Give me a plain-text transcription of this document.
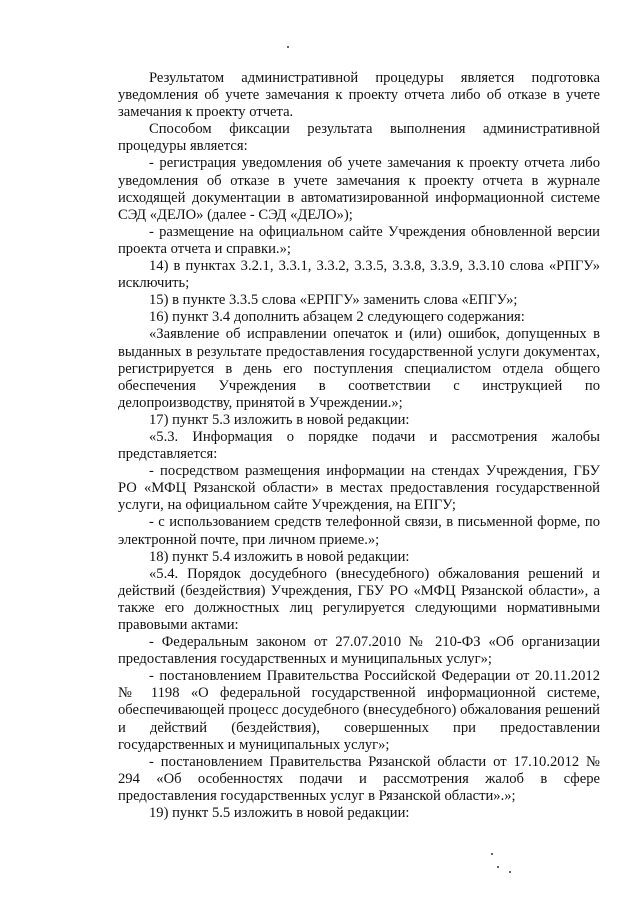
Результатом административной процедуры является подготовка уведомления об учете замечания к проекту отчета либо об отказе в учете замечания к проекту отчета.

Способом фиксации результата выполнения административной процедуры является:

- регистрация уведомления об учете замечания к проекту отчета либо уведомления об отказе в учете замечания к проекту отчета в журнале исходящей документации в автоматизированной информационной системе СЭД «ДЕЛО» (далее - СЭД «ДЕЛО»);

- размещение на официальном сайте Учреждения обновленной версии проекта отчета и справки.»;

14) в пунктах 3.2.1, 3.3.1, 3.3.2, 3.3.5, 3.3.8, 3.3.9, 3.3.10 слова «РПГУ» исключить;

15) в пункте 3.3.5 слова «ЕРПГУ» заменить слова «ЕПГУ»;

16) пункт 3.4 дополнить абзацем 2 следующего содержания:

«Заявление об исправлении опечаток и (или) ошибок, допущенных в выданных в результате предоставления государственной услуги документах, регистрируется в день его поступления специалистом отдела общего обеспечения Учреждения в соответствии с инструкцией по делопроизводству, принятой в Учреждении.»;

17) пункт 5.3 изложить в новой редакции:

«5.3. Информация о порядке подачи и рассмотрения жалобы представляется:

- посредством размещения информации на стендах Учреждения, ГБУ РО «МФЦ Рязанской области» в местах предоставления государственной услуги, на официальном сайте Учреждения, на ЕПГУ;

- с использованием средств телефонной связи, в письменной форме, по электронной почте, при личном приеме.»;

18) пункт 5.4 изложить в новой редакции:

«5.4. Порядок досудебного (внесудебного) обжалования решений и действий (бездействия) Учреждения, ГБУ РО «МФЦ Рязанской области», а также его должностных лиц регулируется следующими нормативными правовыми актами:

- Федеральным законом от 27.07.2010 № 210-ФЗ «Об организации предоставления государственных и муниципальных услуг»;

- постановлением Правительства Российской Федерации от 20.11.2012 № 1198 «О федеральной государственной информационной системе, обеспечивающей процесс досудебного (внесудебного) обжалования решений и действий (бездействия), совершенных при предоставлении государственных и муниципальных услуг»;

- постановлением Правительства Рязанской области от 17.10.2012 № 294 «Об особенностях подачи и рассмотрения жалоб в сфере предоставления государственных услуг в Рязанской области».»;

19) пункт 5.5 изложить в новой редакции:
